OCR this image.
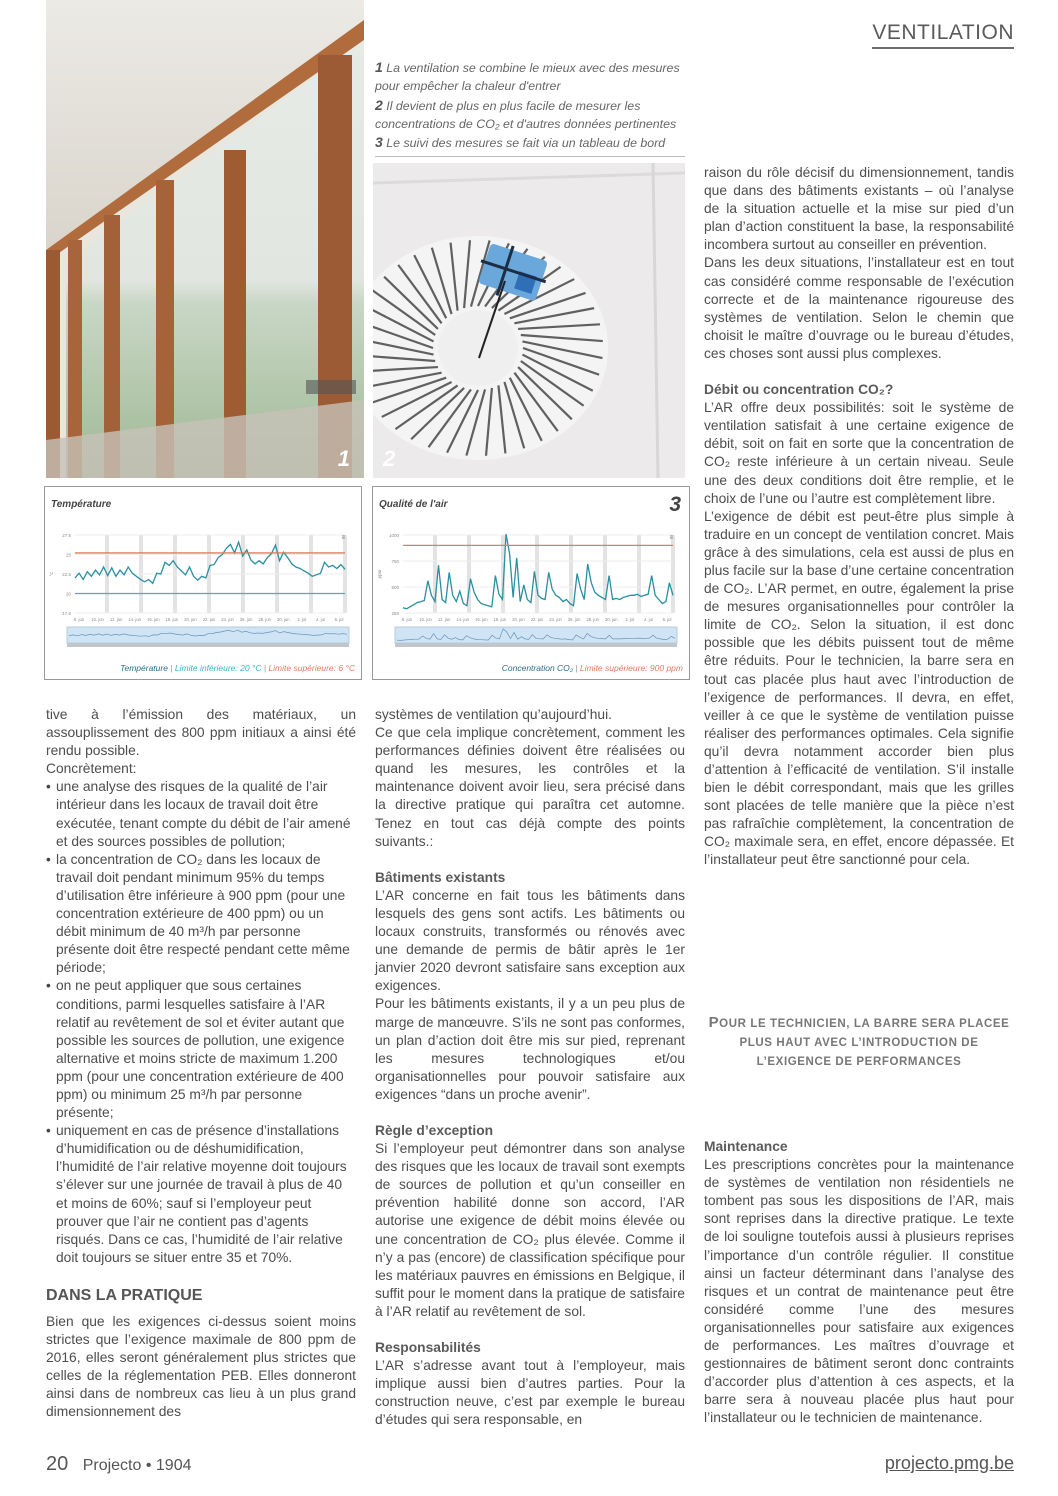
VENTILATION
1
1 La ventilation se combine le mieux avec des mesures pour empêcher la chaleur d'entrer
2 Il devient de plus en plus facile de mesurer les concentrations de CO₂ et d'autres données pertinentes
3 Le suivi des mesures se fait via un tableau de bord
2
Température
17.5
20
22.5
25
27.5
°C
8. jun 10. jun 12. jun 14. jun 16. jun 18. jun 20. jun 22. jun 24. jun 26. jun 28. jun 30. jun 2. jul 4. jul 6. jul
≡
Température | Limite inférieure: 20 °C | Limite supérieure: 6 °C
Qualité de l'air	3
250
500
750
1000
ppm
8. jun 10. jun 12. jun 14. jun 16. jun 18. jun 20. jun 22. jun 24. jun 26. jun 28. jun 30. jun 2. jul 4. jul 6. jul
≡
Concentration CO₂ | Limite supérieure: 900 ppm

tive à l’émission des matériaux, un assouplissement des 800 ppm initiaux a ainsi été rendu possible.

Concrètement:

• une analyse des risques de la qualité de l’air intérieur dans les locaux de travail doit être exécutée, tenant compte du débit de l’air amené et des sources possibles de pollution;
• la concentration de CO₂ dans les locaux de travail doit pendant minimum 95% du temps d’utilisation être inférieure à 900 ppm (pour une concentration extérieure de 400 ppm) ou un débit minimum de 40 m³/h par personne présente doit être respecté pendant cette même période;
• on ne peut appliquer que sous certaines conditions, parmi lesquelles satisfaire à l’AR relatif au revêtement de sol et éviter autant que possible les sources de pollution, une exigence alternative et moins stricte de maximum 1.200 ppm (pour une concentration extérieure de 400 ppm) ou minimum 25 m³/h par personne présente;
• uniquement en cas de présence d’installations d’humidification ou de déshumidification, l’humidité de l’air relative moyenne doit toujours s’élever sur une journée de travail à plus de 40 et moins de 60%; sauf si l’employeur peut prouver que l’air ne contient pas d’agents risqués. Dans ce cas, l’humidité de l’air relative doit toujours se situer entre 35 et 70%.
DANS LA PRATIQUE

Bien que les exigences ci-dessus soient moins strictes que l’exigence maximale de 800 ppm de 2016, elles seront généralement plus strictes que celles de la réglementation PEB. Elles donneront ainsi dans de nombreux cas lieu à un plus grand dimensionnement des

systèmes de ventilation qu’aujourd’hui.

Ce que cela implique concrètement, comment les performances définies doivent être réalisées ou quand les mesures, les contrôles et la maintenance doivent avoir lieu, sera précisé dans la directive pratique qui paraîtra cet automne. Tenez en tout cas déjà compte des points suivants.:

Bâtiments existants

L’AR concerne en fait tous les bâtiments dans lesquels des gens sont actifs. Les bâtiments ou locaux construits, transformés ou rénovés avec une demande de permis de bâtir après le 1er janvier 2020 devront satisfaire sans exception aux exigences.

Pour les bâtiments existants, il y a un peu plus de marge de manœuvre. S’ils ne sont pas conformes, un plan d’action doit être mis sur pied, reprenant les mesures technologiques et/ou organisationnelles pour pouvoir satisfaire aux exigences “dans un proche avenir”.

Règle d’exception

Si l’employeur peut démontrer dans son analyse des risques que les locaux de travail sont exempts de sources de pollution et qu’un conseiller en prévention habilité donne son accord, l’AR autorise une exigence de débit moins élevée ou une concentration de CO₂ plus élevée. Comme il n’y a pas (encore) de classification spécifique pour les matériaux pauvres en émissions en Belgique, il suffit pour le moment dans la pratique de satisfaire à l’AR relatif au revêtement de sol.

Responsabilités

L’AR s’adresse avant tout à l’employeur, mais implique aussi bien d’autres parties. Pour la construction neuve, c’est par exemple le bureau d’études qui sera responsable, en

raison du rôle décisif du dimensionnement, tandis que dans des bâtiments existants – où l’analyse de la situation actuelle et la mise sur pied d’un plan d’action constituent la base, la responsabilité incombera surtout au conseiller en prévention.

Dans les deux situations, l’installateur est en tout cas considéré comme responsable de l’exécution correcte et de la maintenance rigoureuse des systèmes de ventilation. Selon le chemin que choisit le maître d’ouvrage ou le bureau d’études, ces choses sont aussi plus complexes.

Débit ou concentration CO₂?

L’AR offre deux possibilités: soit le système de ventilation satisfait à une certaine exigence de débit, soit on fait en sorte que la concentration de CO₂ reste inférieure à un certain niveau. Seule une des deux conditions doit être remplie, et le choix de l’une ou l’autre est complètement libre.

L’exigence de débit est peut-être plus simple à traduire en un concept de ventilation concret. Mais grâce à des simulations, cela est aussi de plus en plus facile sur la base d’une certaine concentration de CO₂. L’AR permet, en outre, également la prise de mesures organisationnelles pour contrôler la limite de CO₂. Selon la situation, il est donc possible que les débits puissent tout de même être réduits. Pour le technicien, la barre sera en tout cas placée plus haut avec l’introduction de l’exigence de performances. Il devra, en effet, veiller à ce que le système de ventilation puisse réaliser des performances optimales. Cela signifie qu’il devra notamment accorder bien plus d’attention à l’efficacité de ventilation. S’il installe bien le débit correspondant, mais que les grilles sont placées de telle manière que la pièce n’est pas rafraîchie complètement, la concentration de CO₂ maximale sera, en effet, encore dépassée. Et l’installateur peut être sanctionné pour cela.

POUR LE TECHNICIEN, LA BARRE SERA PLACEE PLUS HAUT AVEC L’INTRODUCTION DE L’EXIGENCE DE PERFORMANCES
Maintenance

Les prescriptions concrètes pour la maintenance de systèmes de ventilation non résidentiels ne tombent pas sous les dispositions de l’AR, mais sont reprises dans la directive pratique. Le texte de loi souligne toutefois aussi à plusieurs reprises l’importance d’un contrôle régulier. Il constitue ainsi un facteur déterminant dans l’analyse des risques et un contrat de maintenance peut être considéré comme l’une des mesures organisationnelles pour satisfaire aux exigences de performances. Les maîtres d’ouvrage et gestionnaires de bâtiment seront donc contraints d’accorder plus d’attention à ces aspects, et la barre sera à nouveau placée plus haut pour l’installateur ou le technicien de maintenance.

20 Projecto • 1904	projecto.pmg.be
